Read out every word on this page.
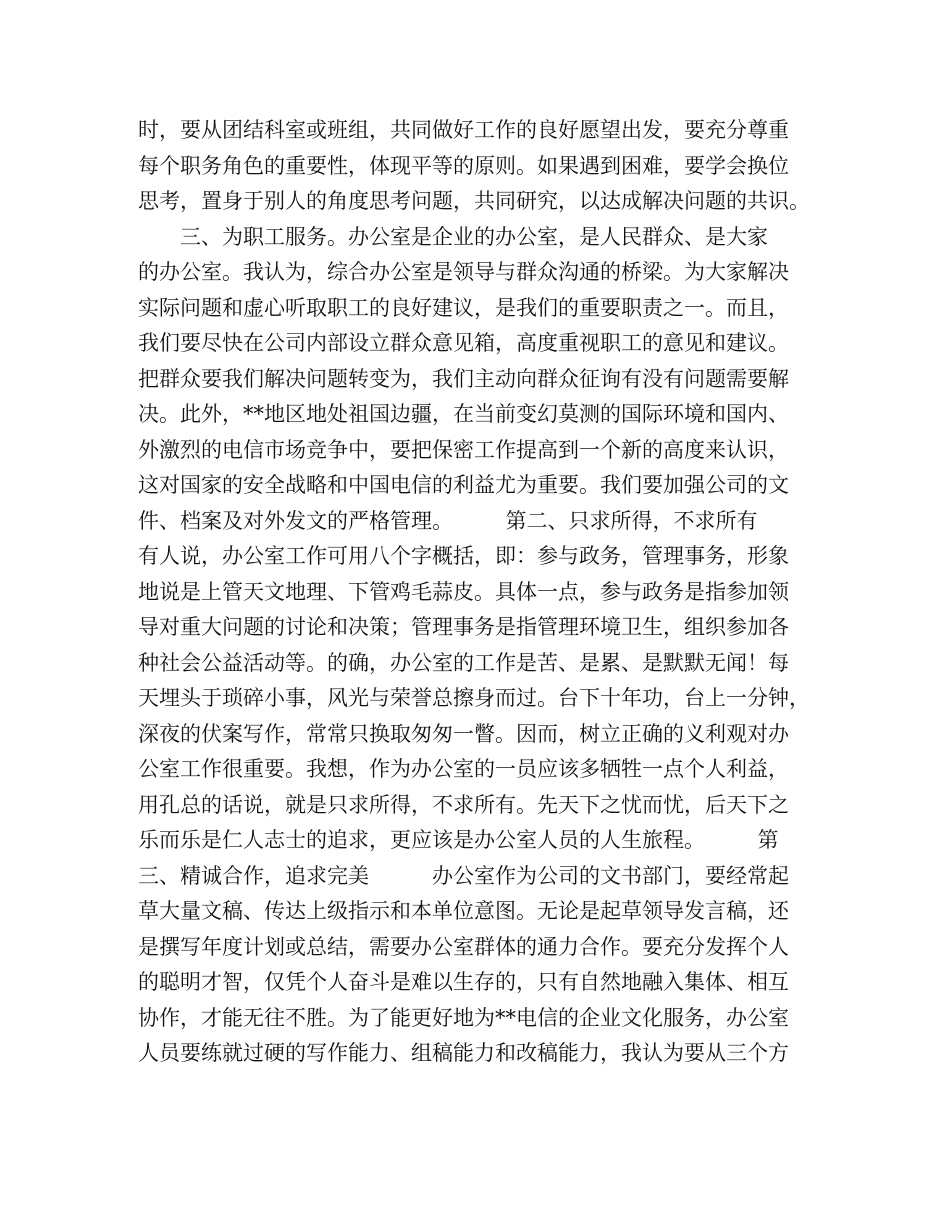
时，要从团结科室或班组，共同做好工作的良好愿望出发，要充分尊重
每个职务角色的重要性，体现平等的原则。如果遇到困难，要学会换位
思考，置身于别人的角度思考问题，共同研究，以达成解决问题的共识。
　　三、为职工服务。办公室是企业的办公室，是人民群众、是大家
的办公室。我认为，综合办公室是领导与群众沟通的桥梁。为大家解决
实际问题和虚心听取职工的良好建议，是我们的重要职责之一。而且，
我们要尽快在公司内部设立群众意见箱，高度重视职工的意见和建议。
把群众要我们解决问题转变为，我们主动向群众征询有没有问题需要解
决。此外，**地区地处祖国边疆，在当前变幻莫测的国际环境和国内、
外激烈的电信市场竞争中，要把保密工作提高到一个新的高度来认识，
这对国家的安全战略和中国电信的利益尤为重要。我们要加强公司的文
件、档案及对外发文的严格管理。　　　第二、只求所得，不求所有
有人说，办公室工作可用八个字概括，即：参与政务，管理事务，形象
地说是上管天文地理、下管鸡毛蒜皮。具体一点，参与政务是指参加领
导对重大问题的讨论和决策；管理事务是指管理环境卫生，组织参加各
种社会公益活动等。的确，办公室的工作是苦、是累、是默默无闻！每
天埋头于琐碎小事，风光与荣誉总擦身而过。台下十年功，台上一分钟，
深夜的伏案写作，常常只换取匆匆一瞥。因而，树立正确的义利观对办
公室工作很重要。我想，作为办公室的一员应该多牺牲一点个人利益，
用孔总的话说，就是只求所得，不求所有。先天下之忧而忧，后天下之
乐而乐是仁人志士的追求，更应该是办公室人员的人生旅程。　　　第
三、精诚合作，追求完美　　　办公室作为公司的文书部门，要经常起
草大量文稿、传达上级指示和本单位意图。无论是起草领导发言稿，还
是撰写年度计划或总结，需要办公室群体的通力合作。要充分发挥个人
的聪明才智，仅凭个人奋斗是难以生存的，只有自然地融入集体、相互
协作，才能无往不胜。为了能更好地为**电信的企业文化服务，办公室
人员要练就过硬的写作能力、组稿能力和改稿能力，我认为要从三个方
